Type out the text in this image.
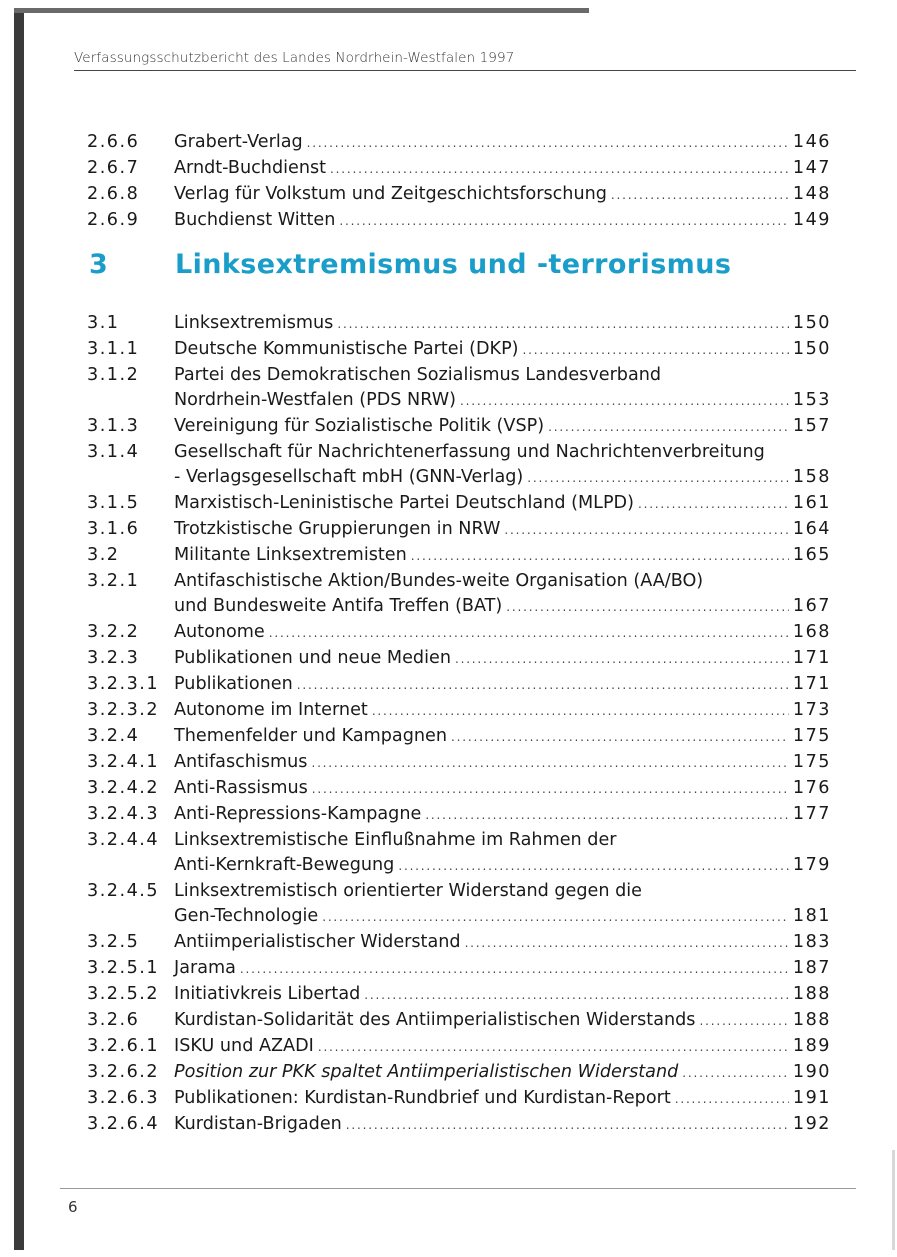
Verfassungsschutzbericht des Landes Nordrhein-Westfalen 1997
2.6.6 Grabert-Verlag .....	146
2.6.7 Arndt-Buchdienst .....	147
2.6.8 Verlag für Volkstum und Zeitgeschichtsforschung .....	148
2.6.9 Buchdienst Witten .....	149
3 Linksextremismus und -terrorismus
3.1	Linksextremismus .....	150
3.1.1 Deutsche Kommunistische Partei (DKP) .....	150
3.1.2 Partei des Demokratischen Sozialismus Landesverband
Nordrhein-Westfalen (PDS NRW) .....	153
3.1.3 Vereinigung für Sozialistische Politik (VSP) .....	157
3.1.4 Gesellschaft für Nachrichtenerfassung und Nachrichtenverbreitung
- Verlagsgesellschaft mbH (GNN-Verlag) .....	158
3.1.5 Marxistisch-Leninistische Partei Deutschland (MLPD) .....	161
3.1.6 Trotzkistische Gruppierungen in NRW .....	164
3.2	Militante Linksextremisten .....	165
3.2.1 Antifaschistische Aktion/Bundes-weite Organisation (AA/BO)
und Bundesweite Antifa Treffen (BAT) .....	167
3.2.2 Autonome .....	168
3.2.3 Publikationen und neue Medien .....	171
3.2.3.1 Publikationen .....	171
3.2.3.2 Autonome im Internet .....	173
3.2.4 Themenfelder und Kampagnen .....	175
3.2.4.1 Antifaschismus .....	175
3.2.4.2 Anti-Rassismus .....	176
3.2.4.3 Anti-Repressions-Kampagne .....	177
3.2.4.4 Linksextremistische Einflußnahme im Rahmen der
Anti-Kernkraft-Bewegung .....	179
3.2.4.5 Linksextremistisch orientierter Widerstand gegen die
Gen-Technologie .....	181
3.2.5 Antiimperialistischer Widerstand .....	183
3.2.5.1 Jarama .....	187
3.2.5.2 Initiativkreis Libertad .....	188
3.2.6 Kurdistan-Solidarität des Antiimperialistischen Widerstands .....	188
3.2.6.1 ISKU und AZADI .....	189
3.2.6.2 Position zur PKK spaltet Antiimperialistischen Widerstand .....	190
3.2.6.3 Publikationen: Kurdistan-Rundbrief und Kurdistan-Report .....	191
3.2.6.4 Kurdistan-Brigaden .....	192
6
